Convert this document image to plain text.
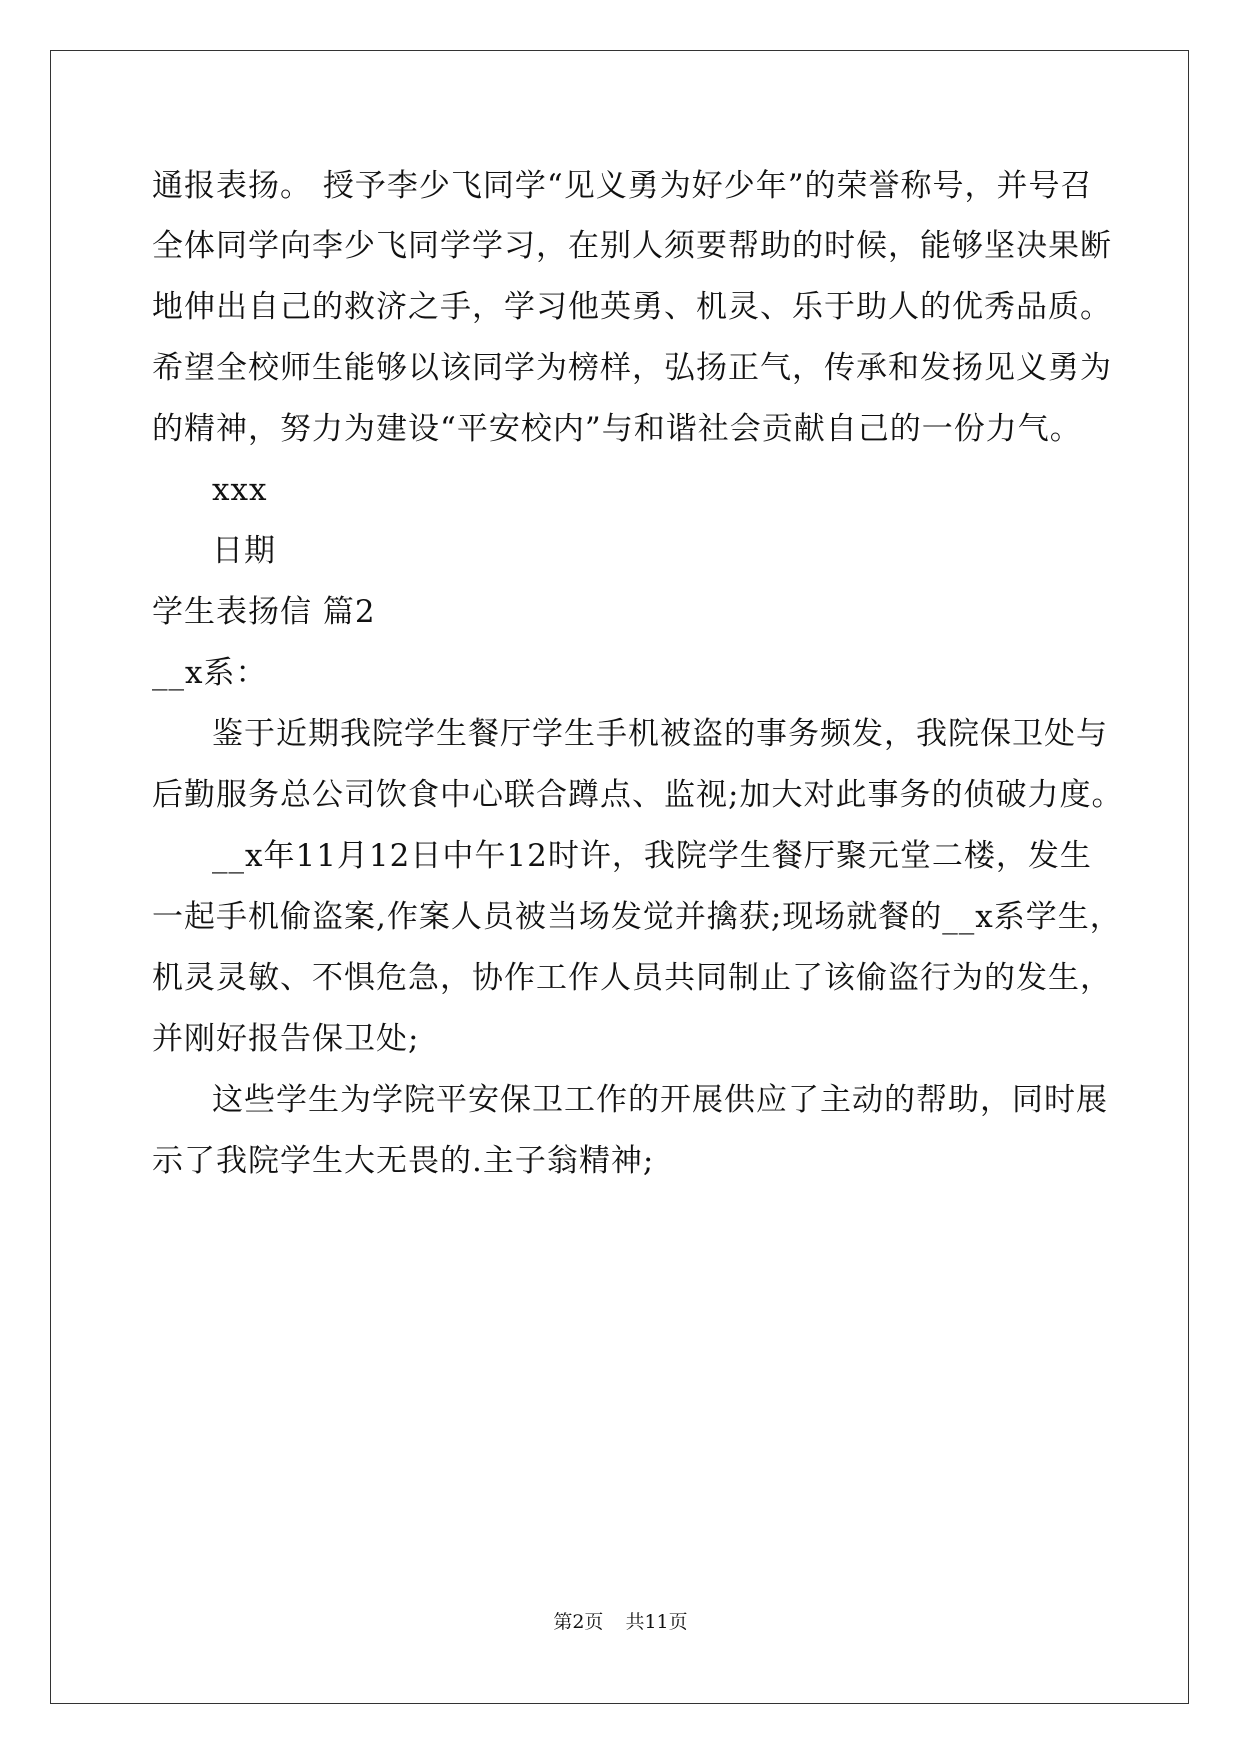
通报表扬。 授予李少飞同学“见义勇为好少年”的荣誉称号，并号召
全体同学向李少飞同学学习，在别人须要帮助的时候，能够坚决果断
地伸出自己的救济之手，学习他英勇、机灵、乐于助人的优秀品质。
希望全校师生能够以该同学为榜样，弘扬正气，传承和发扬见义勇为
的精神，努力为建设“平安校内”与和谐社会贡献自己的一份力气。
xxx
日期
学生表扬信 篇2
__x系：
鉴于近期我院学生餐厅学生手机被盗的事务频发，我院保卫处与
后勤服务总公司饮食中心联合蹲点、监视;加大对此事务的侦破力度。
__x年11月12日中午12时许，我院学生餐厅聚元堂二楼，发生
一起手机偷盗案,作案人员被当场发觉并擒获;现场就餐的__x系学生，
机灵灵敏、不惧危急，协作工作人员共同制止了该偷盗行为的发生，
并刚好报告保卫处;
这些学生为学院平安保卫工作的开展供应了主动的帮助，同时展
示了我院学生大无畏的.主子翁精神;
第2页 共11页
